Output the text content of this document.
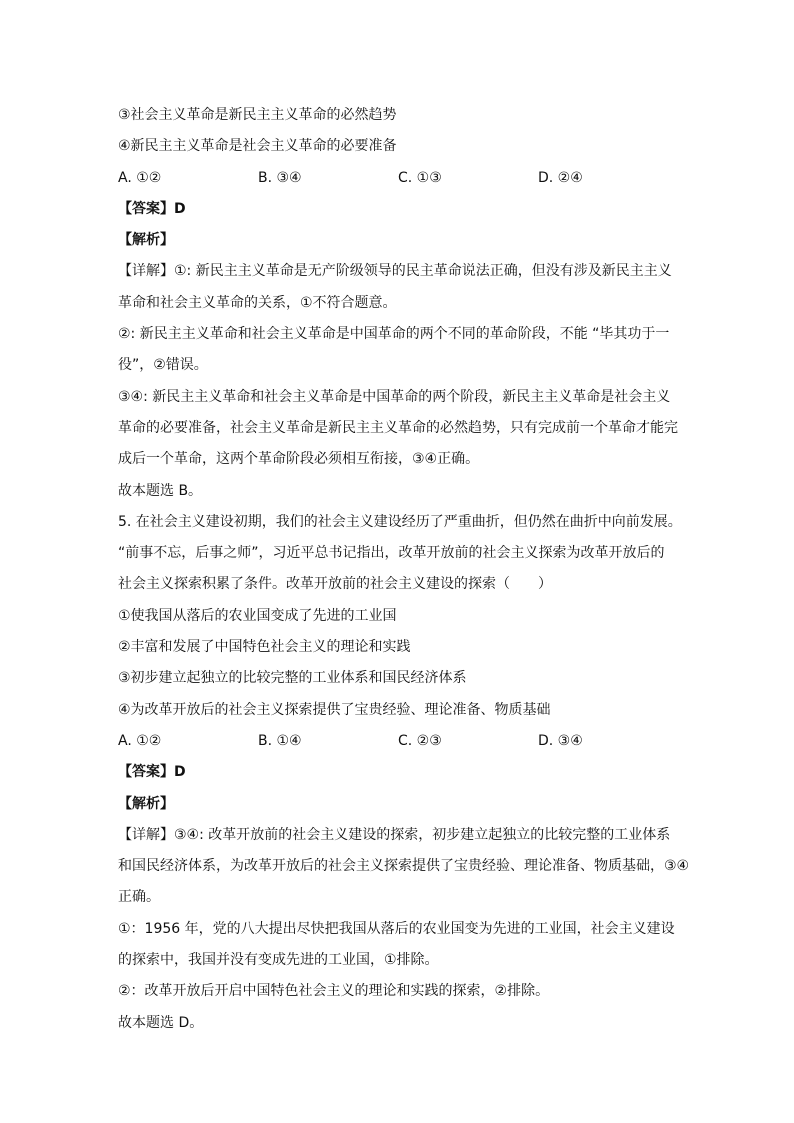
③社会主义革命是新民主主义革命的必然趋势
④新民主主义革命是社会主义革命的必要准备
A. ①②	B. ③④	C. ①③	D. ②④
【答案】D
【解析】
【详解】①: 新民主主义革命是无产阶级领导的民主革命说法正确，但没有涉及新民主主义
革命和社会主义革命的关系，①不符合题意。
②: 新民主主义革命和社会主义革命是中国革命的两个不同的革命阶段，不能 “毕其功于一
役”，②错误。
③④: 新民主主义革命和社会主义革命是中国革命的两个阶段，新民主主义革命是社会主义
革命的必要准备，社会主义革命是新民主主义革命的必然趋势，只有完成前一个革命才能完
成后一个革命，这两个革命阶段必须相互衔接，③④正确。
故本题选 B。
5. 在社会主义建设初期，我们的社会主义建设经历了严重曲折，但仍然在曲折中向前发展。
“前事不忘，后事之师”，习近平总书记指出，改革开放前的社会主义探索为改革开放后的
社会主义探索积累了条件。改革开放前的社会主义建设的探索（　　）
①使我国从落后的农业国变成了先进的工业国
②丰富和发展了中国特色社会主义的理论和实践
③初步建立起独立的比较完整的工业体系和国民经济体系
④为改革开放后的社会主义探索提供了宝贵经验、理论准备、物质基础
A. ①②	B. ①④	C. ②③	D. ③④
【答案】D
【解析】
【详解】③④: 改革开放前的社会主义建设的探索，初步建立起独立的比较完整的工业体系
和国民经济体系，为改革开放后的社会主义探索提供了宝贵经验、理论准备、物质基础，③④
正确。
①：1956 年，党的八大提出尽快把我国从落后的农业国变为先进的工业国，社会主义建设
的探索中，我国并没有变成先进的工业国，①排除。
②：改革开放后开启中国特色社会主义的理论和实践的探索，②排除。
故本题选 D。
